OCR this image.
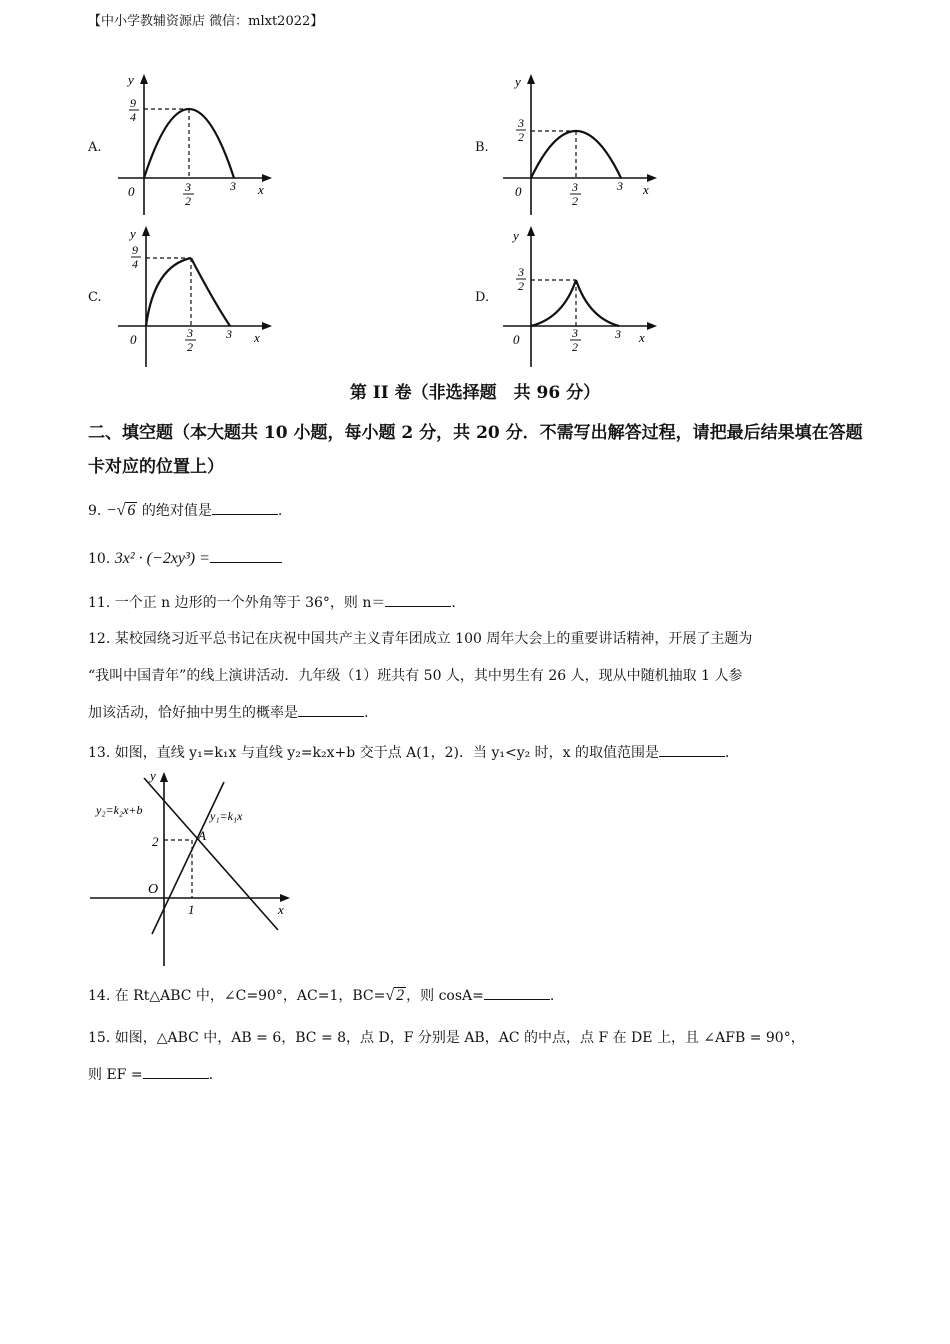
【中小学教辅资源店 微信：mlxt2022】
A.	B.
C.	D.
y
x
0
9
4
3
2
3
y
x
0
3
2
3
2
3
y
x
0
9
4
3
2
3
y
x
0
3
2
3
2
3
第 II 卷（非选择题　共 96 分）
二、填空题（本大题共 10 小题，每小题 2 分，共 20 分．不需写出解答过程，请把最后结果填在答题卡对应的位置上）
9. −√ 6 的绝对值是	.
10. 3x² · (−2xy³) =
11. 一个正 n 边形的一个外角等于 36°，则 n＝	.
12. 某校园绕习近平总书记在庆祝中国共产主义青年团成立 100 周年大会上的重要讲话精神，开展了主题为
“我叫中国青年”的线上演讲活动．九年级（1）班共有 50 人，其中男生有 26 人，现从中随机抽取 1 人参
加该活动，恰好抽中男生的概率是	.
13. 如图，直线 y₁=k₁x 与直线 y₂=k₂x+b 交于点 A(1，2)．当 y₁<y₂ 时，x 的取值范围是	.
y
x
O
2
1
A
y₂=k₂x+b	y₁=k₁x
14. 在 Rt△ABC 中，∠C=90°，AC=1，BC=√ 2 ，则 cosA=	.
15. 如图，△ABC 中，AB = 6，BC = 8，点 D，F 分别是 AB，AC 的中点，点 F 在 DE 上，且 ∠AFB = 90°，
则 EF =	.
